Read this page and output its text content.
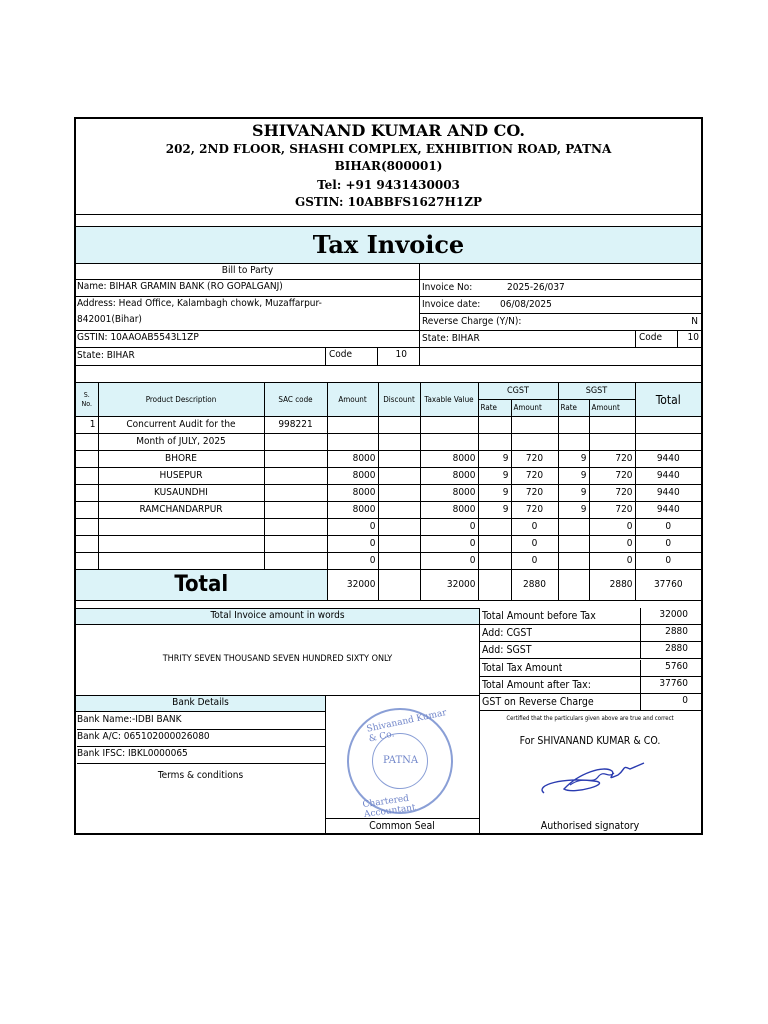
SHIVANAND KUMAR AND CO.
202, 2ND FLOOR, SHASHI COMPLEX, EXHIBITION ROAD, PATNA
BIHAR(800001)
Tel: +91 9431430003
GSTIN: 10ABBFS1627H1ZP
Tax Invoice
Bill to Party
Name: BIHAR GRAMIN BANK (RO GOPALGANJ)	Invoice No:	2025-26/037
Address: Head Office, Kalambagh chowk, Muzaffarpur-	Invoice date: 06/08/2025
842001(Bihar)	Reverse Charge (Y/N):	N
GSTIN: 10AAOAB5543L1ZP	State: BIHAR	Code	10
State: BIHAR	Code	10
S. No.	Product Description	SAC code	Amount	Discount	Taxable Value	CGST		SGST		Total
						Rate	Amount	Rate	Amount	
1	Concurrent Audit for the	998221								
	Month of JULY, 2025									
	BHORE		8000		8000	9	720	9	720	9440
	HUSEPUR		8000		8000	9	720	9	720	9440
	KUSAUNDHI		8000		8000	9	720	9	720	9440
	RAMCHANDARPUR		8000		8000	9	720	9	720	9440
			0		0		0		0	0
			0		0		0		0	0
			0		0		0		0	0
Total			32000		32000		2880		2880	37760
Total Invoice amount in words
THRITY SEVEN THOUSAND SEVEN HUNDRED SIXTY ONLY
Total Amount before Tax	32000
Add: CGST	2880
Add: SGST	2880
Total Tax Amount	5760
Total Amount after Tax:	37760
GST on Reverse Charge	0
Bank Details
Bank Name:-IDBI BANK
Bank A/C: 065102000026080
Bank IFSC: IBKL0000065
Terms & conditions
Shivanand Kumar & Co.
PATNA
Chartered Accountant
Common Seal
Certified that the particulars given above are true and correct
For SHIVANAND KUMAR & CO.
Authorised signatory
